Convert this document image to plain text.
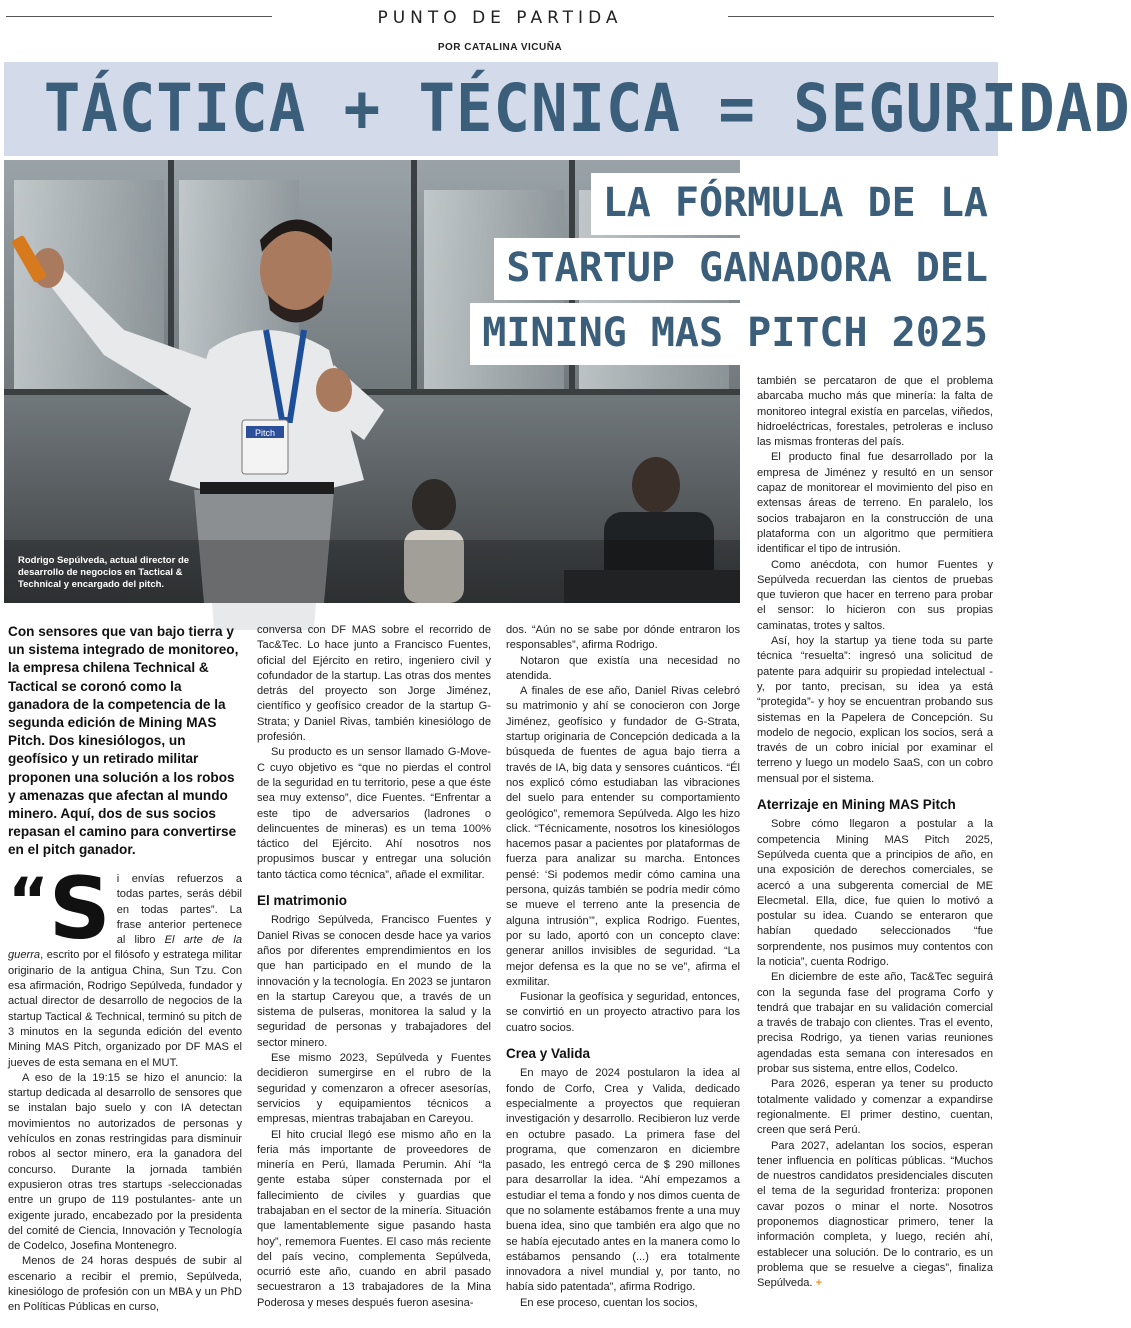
PUNTO DE PARTIDA
POR CATALINA VICUÑA
TÁCTICA + TÉCNICA = SEGURIDAD
Pitch
Rodrigo Sepúlveda, actual director de desarrollo de negocios en Tactical & Technical y encargado del pitch.
LA FÓRMULA DE LA
STARTUP GANADORA DEL
MINING MAS PITCH 2025
Con sensores que van bajo tierra y un sistema integrado de monitoreo, la empresa chilena Technical & Tactical se coronó como la ganadora de la competencia de la segunda edición de Mining MAS Pitch. Dos kinesiólogos, un geofísico y un retirado militar proponen una solución a los robos y amenazas que afectan al mundo minero. Aquí, dos de sus socios repasan el camino para convertirse en el pitch ganador.

“ S i envías refuerzos a todas partes, serás débil en todas partes”. La frase anterior pertenece al libro El arte de la guerra, escrito por el filósofo y estratega militar originario de la antigua China, Sun Tzu. Con esa afirmación, Rodrigo Sepúlveda, fundador y actual director de desarrollo de negocios de la startup Tactical & Technical, terminó su pitch de 3 minutos en la segunda edición del evento Mining MAS Pitch, organizado por DF MAS el jueves de esta semana en el MUT.

A eso de la 19:15 se hizo el anuncio: la startup dedicada al desarrollo de sensores que se instalan bajo suelo y con IA detectan movimientos no autorizados de personas y vehículos en zonas restringidas para disminuir robos al sector minero, era la ganadora del concurso. Durante la jornada también expusieron otras tres startups -seleccionadas entre un grupo de 119 postulantes- ante un exigente jurado, encabezado por la presidenta del comité de Ciencia, Innovación y Tecnología de Codelco, Josefina Montenegro.

Menos de 24 horas después de subir al escenario a recibir el premio, Sepúlveda, kinesiólogo de profesión con un MBA y un PhD en Políticas Públicas en curso,

conversa con DF MAS sobre el recorrido de Tac&Tec. Lo hace junto a Francisco Fuentes, oficial del Ejército en retiro, ingeniero civil y cofundador de la startup. Las otras dos mentes detrás del proyecto son Jorge Jiménez, científico y geofísico creador de la startup G-Strata; y Daniel Rivas, también kinesiólogo de profesión.

Su producto es un sensor llamado G-Move-C cuyo objetivo es “que no pierdas el control de la seguridad en tu territorio, pese a que éste sea muy extenso”, dice Fuentes. “Enfrentar a este tipo de adversarios (ladrones o delincuentes de mineras) es un tema 100% táctico del Ejército. Ahí nosotros nos propusimos buscar y entregar una solución tanto táctica como técnica”, añade el exmilitar.

El matrimonio

Rodrigo Sepúlveda, Francisco Fuentes y Daniel Rivas se conocen desde hace ya varios años por diferentes emprendimientos en los que han participado en el mundo de la innovación y la tecnología. En 2023 se juntaron en la startup Careyou que, a través de un sistema de pulseras, monitorea la salud y la seguridad de personas y trabajadores del sector minero.

Ese mismo 2023, Sepúlveda y Fuentes decidieron sumergirse en el rubro de la seguridad y comenzaron a ofrecer asesorías, servicios y equipamientos técnicos a empresas, mientras trabajaban en Careyou.

El hito crucial llegó ese mismo año en la feria más importante de proveedores de minería en Perú, llamada Perumin. Ahí “la gente estaba súper consternada por el fallecimiento de civiles y guardias que trabajaban en el sector de la minería. Situación que lamentablemente sigue pasando hasta hoy”, rememora Fuentes. El caso más reciente del país vecino, complementa Sepúlveda, ocurrió este año, cuando en abril pasado secuestraron a 13 trabajadores de la Mina Poderosa y meses después fueron asesina-

dos. “Aún no se sabe por dónde entraron los responsables”, afirma Rodrigo.

Notaron que existía una necesidad no atendida.

A finales de ese año, Daniel Rivas celebró su matrimonio y ahí se conocieron con Jorge Jiménez, geofísico y fundador de G-Strata, startup originaria de Concepción dedicada a la búsqueda de fuentes de agua bajo tierra a través de IA, big data y sensores cuánticos. “Él nos explicó cómo estudiaban las vibraciones del suelo para entender su comportamiento geológico”, rememora Sepúlveda. Algo les hizo click. “Técnicamente, nosotros los kinesiólogos hacemos pasar a pacientes por plataformas de fuerza para analizar su marcha. Entonces pensé: ‘Si podemos medir cómo camina una persona, quizás también se podría medir cómo se mueve el terreno ante la presencia de alguna intrusión’”, explica Rodrigo. Fuentes, por su lado, aportó con un concepto clave: generar anillos invisibles de seguridad. “La mejor defensa es la que no se ve”, afirma el exmilitar.

Fusionar la geofísica y seguridad, entonces, se convirtió en un proyecto atractivo para los cuatro socios.

Crea y Valida

En mayo de 2024 postularon la idea al fondo de Corfo, Crea y Valida, dedicado especialmente a proyectos que requieran investigación y desarrollo. Recibieron luz verde en octubre pasado. La primera fase del programa, que comenzaron en diciembre pasado, les entregó cerca de $ 290 millones para desarrollar la idea. “Ahí empezamos a estudiar el tema a fondo y nos dimos cuenta de que no solamente estábamos frente a una muy buena idea, sino que también era algo que no se había ejecutado antes en la manera como lo estábamos pensando (...) era totalmente innovadora a nivel mundial y, por tanto, no había sido patentada”, afirma Rodrigo.

En ese proceso, cuentan los socios,

también se percataron de que el problema abarcaba mucho más que minería: la falta de monitoreo integral existía en parcelas, viñedos, hidroeléctricas, forestales, petroleras e incluso las mismas fronteras del país.

El producto final fue desarrollado por la empresa de Jiménez y resultó en un sensor capaz de monitorear el movimiento del piso en extensas áreas de terreno. En paralelo, los socios trabajaron en la construcción de una plataforma con un algoritmo que permitiera identificar el tipo de intrusión.

Como anécdota, con humor Fuentes y Sepúlveda recuerdan las cientos de pruebas que tuvieron que hacer en terreno para probar el sensor: lo hicieron con sus propias caminatas, trotes y saltos.

Así, hoy la startup ya tiene toda su parte técnica “resuelta”: ingresó una solicitud de patente para adquirir su propiedad intelectual -y, por tanto, precisan, su idea ya está “protegida”- y hoy se encuentran probando sus sistemas en la Papelera de Concepción. Su modelo de negocio, explican los socios, será a través de un cobro inicial por examinar el terreno y luego un modelo SaaS, con un cobro mensual por el sistema.

Aterrizaje en Mining MAS Pitch

Sobre cómo llegaron a postular a la competencia Mining MAS Pitch 2025, Sepúlveda cuenta que a principios de año, en una exposición de derechos comerciales, se acercó a una subgerenta comercial de ME Elecmetal. Ella, dice, fue quien lo motivó a postular su idea. Cuando se enteraron que habían quedado seleccionados “fue sorprendente, nos pusimos muy contentos con la noticia”, cuenta Rodrigo.

En diciembre de este año, Tac&Tec seguirá con la segunda fase del programa Corfo y tendrá que trabajar en su validación comercial a través de trabajo con clientes. Tras el evento, precisa Rodrigo, ya tienen varias reuniones agendadas esta semana con interesados en probar sus sistema, entre ellos, Codelco.

Para 2026, esperan ya tener su producto totalmente validado y comenzar a expandirse regionalmente. El primer destino, cuentan, creen que será Perú.

Para 2027, adelantan los socios, esperan tener influencia en políticas públicas. “Muchos de nuestros candidatos presidenciales discuten el tema de la seguridad fronteriza: proponen cavar pozos o minar el norte. Nosotros proponemos diagnosticar primero, tener la información completa, y luego, recién ahí, establecer una solución. De lo contrario, es un problema que se resuelve a ciegas”, finaliza Sepúlveda. +
